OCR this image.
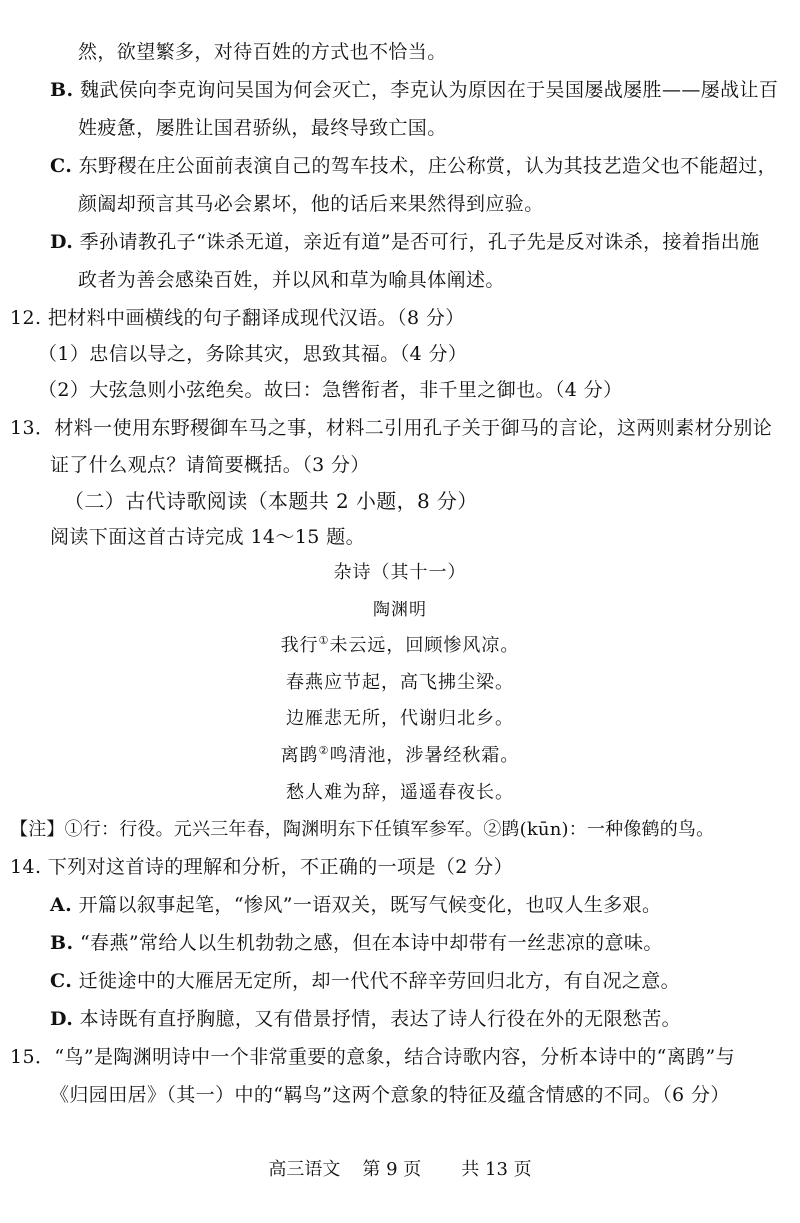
然，欲望繁多，对待百姓的方式也不恰当。
B. 魏武侯向李克询问吴国为何会灭亡，李克认为原因在于吴国屡战屡胜——屡战让百
姓疲惫，屡胜让国君骄纵，最终导致亡国。
C. 东野稷在庄公面前表演自己的驾车技术，庄公称赏，认为其技艺造父也不能超过，
颜阖却预言其马必会累坏，他的话后来果然得到应验。
D. 季孙请教孔子“诛杀无道，亲近有道”是否可行，孔子先是反对诛杀，接着指出施
政者为善会感染百姓，并以风和草为喻具体阐述。
12. 把材料中画横线的句子翻译成现代汉语。（8 分）
（1）忠信以导之，务除其灾，思致其福。（4 分）
（2）大弦急则小弦绝矣。故曰：急辔衔者，非千里之御也。（4 分）
13．材料一使用东野稷御车马之事，材料二引用孔子关于御马的言论，这两则素材分别论
证了什么观点？请简要概括。（3 分）
（二）古代诗歌阅读（本题共 2 小题，8 分）
阅读下面这首古诗完成 14～15 题。
杂诗（其十一）
陶渊明
我行①未云远，回顾惨风凉。
春燕应节起，高飞拂尘梁。
边雁悲无所，代谢归北乡。
离鹍②鸣清池，涉暑经秋霜。
愁人难为辞，遥遥春夜长。
【注】①行：行役。元兴三年春，陶渊明东下任镇军参军。②鹍(kūn)：一种像鹤的鸟。
14. 下列对这首诗的理解和分析，不正确的一项是（2 分）
A. 开篇以叙事起笔，“惨风”一语双关，既写气候变化，也叹人生多艰。
B. “春燕”常给人以生机勃勃之感，但在本诗中却带有一丝悲凉的意味。
C. 迁徙途中的大雁居无定所，却一代代不辞辛劳回归北方，有自况之意。
D. 本诗既有直抒胸臆，又有借景抒情，表达了诗人行役在外的无限愁苦。
15．“鸟”是陶渊明诗中一个非常重要的意象，结合诗歌内容，分析本诗中的“离鹍”与
《归园田居》（其一）中的“羁鸟”这两个意象的特征及蕴含情感的不同。（6 分）
高三语文 第 9 页 共 13 页
